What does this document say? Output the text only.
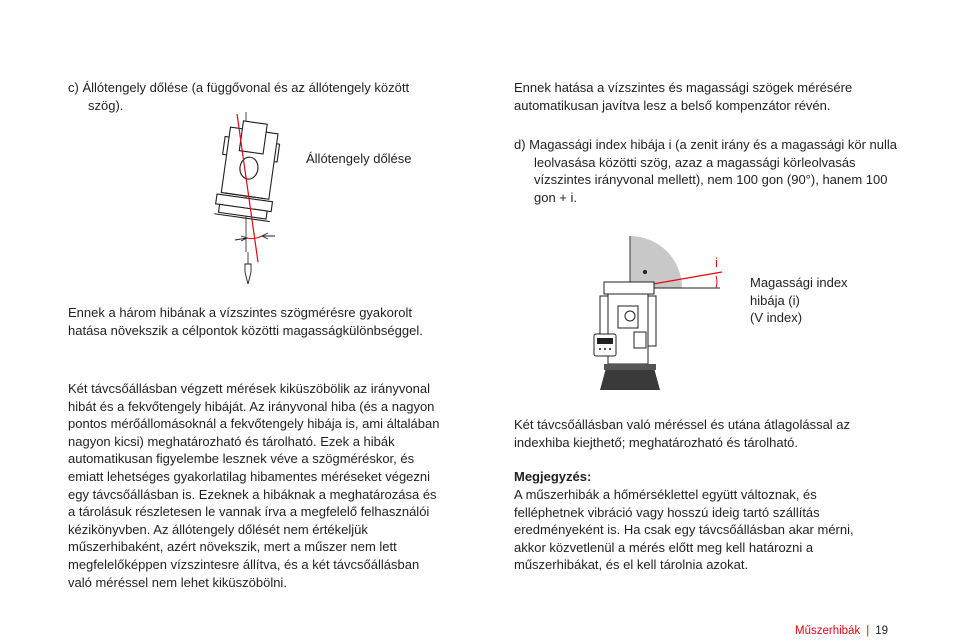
c) Állótengely dőlése (a függővonal és az állótengely között szög).
Állótengely dőlése
Ennek a három hibának a vízszintes szögmérésre gyakorolt hatása növekszik a célpontok közötti magasságkülönbséggel.
Két távcsőállásban végzett mérések kiküszöbölik az irányvonal hibát és a fekvőtengely hibáját. Az irányvonal hiba (és a nagyon pontos mérőállomásoknál a fekvőtengely hibája is, ami általában nagyon kicsi) meghatározható és tárolható. Ezek a hibák automatikusan figyelembe lesznek véve a szögméréskor, és emiatt lehetséges gyakorlatilag hibamentes méréseket végezni egy távcsőállásban is. Ezeknek a hibáknak a meghatározása és a tárolásuk részletesen le vannak írva a megfelelő felhasználói kézikönyvben. Az állótengely dőlését nem értékeljük műszerhibaként, azért növekszik, mert a műszer nem lett megfelelőképpen vízszintesre állítva, és a két távcsőállásban való méréssel nem lehet kiküszöbölni.
Ennek hatása a vízszintes és magassági szögek mérésére automatikusan javítva lesz a belső kompenzátor révén.
d) Magassági index hibája i (a zenit irány és a magassági kör nulla leolvasása közötti szög, azaz a magassági körleolvasás vízszintes irányvonal mellett), nem 100 gon (90°), hanem 100 gon + i.
i
Magassági index
hibája (i)
(V index)
Két távcsőállásban való méréssel és utána átlagolással az indexhiba kiejthető; meghatározható és tárolható.
Megjegyzés:
A műszerhibák a hőmérséklettel együtt változnak, és felléphetnek vibráció vagy hosszú ideig tartó szállítás eredményeként is. Ha csak egy távcsőállásban akar mérni, akkor közvetlenül a mérés előtt meg kell határozni a műszerhibákat, és el kell tárolnia azokat.
Műszerhibák | 19
